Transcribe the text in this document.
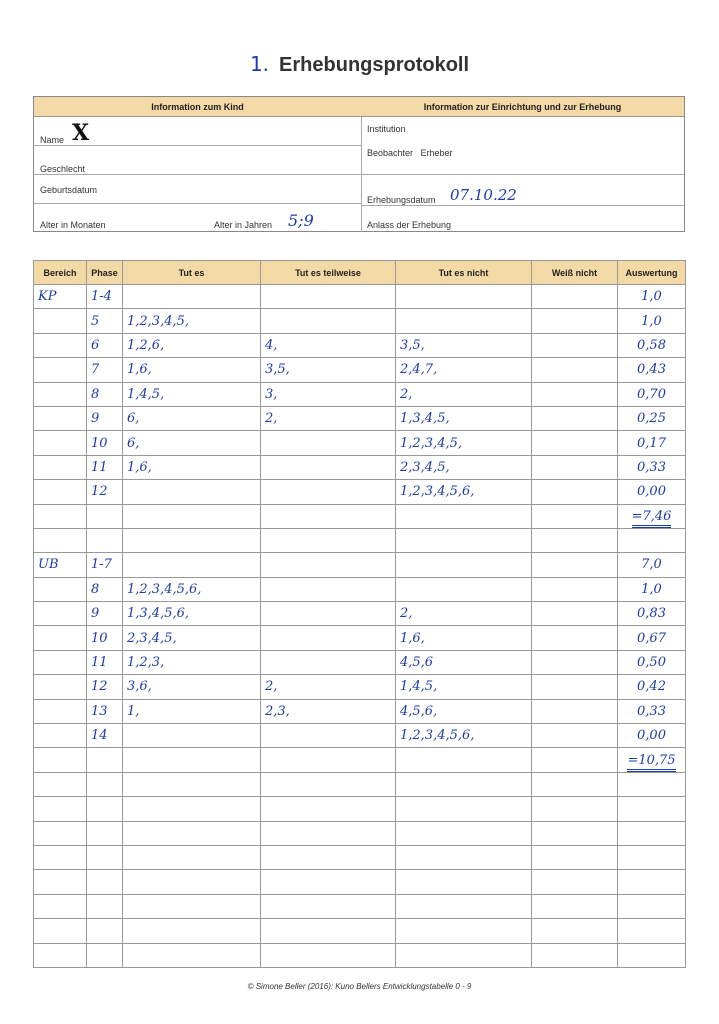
1. Erhebungsprotokoll
Information zum Kind	Information zur Einrichtung und zur Erhebung
Name X
Geschlecht
Geburtsdatum
Alter in Monaten	Alter in Jahren 5;9
Institution
Beobachter   Erheber
Erhebungsdatum 07.10.22
Anlass der Erhebung
Bereich	Phase	Tut es	Tut es teilweise	Tut es nicht	Weiß nicht	Auswertung
KP	1-4					1,0
	5	1,2,3,4,5,				1,0
	6	1,2,6,	4,	3,5,		0,58
	7	1,6,	3,5,	2,4,7,		0,43
	8	1,4,5,	3,	2,		0,70
	9	6,	2,	1,3,4,5,		0,25
	10	6,		1,2,3,4,5,		0,17
	11	1,6,		2,3,4,5,		0,33
	12			1,2,3,4,5,6,		0,00
						=7,46

UB	1-7					7,0
	8	1,2,3,4,5,6,				1,0
	9	1,3,4,5,6,		2,		0,83
	10	2,3,4,5,		1,6,		0,67
	11	1,2,3,		4,5,6		0,50
	12	3,6,	2,	1,4,5,		0,42
	13	1,	2,3,	4,5,6,		0,33
	14			1,2,3,4,5,6,		0,00
						=10,75

© Simone Beller (2016): Kuno Bellers Entwicklungstabelle 0 - 9
